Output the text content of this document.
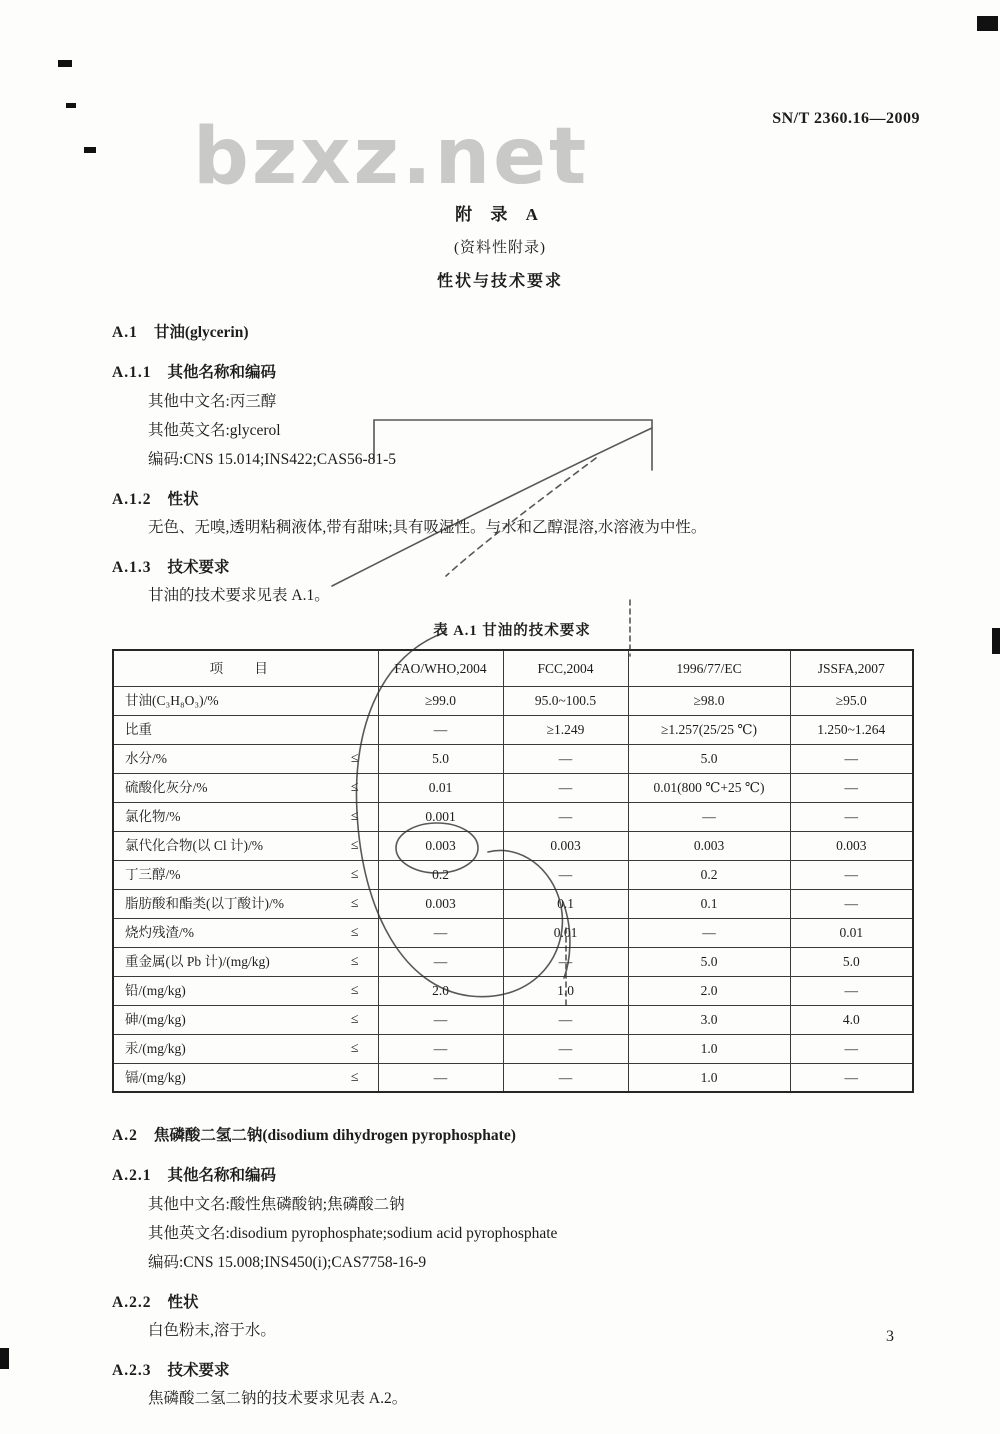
bzxz.net	SN/T 2360.16—2009
附 录 A
(资料性附录)
性状与技术要求
A.1 甘油(glycerin)
A.1.1 其他名称和编码
其他中文名:丙三醇
其他英文名:glycerol
编码:CNS 15.014;INS422;CAS56-81-5
A.1.2 性状
无色、无嗅,透明粘稠液体,带有甜味;具有吸湿性。与水和乙醇混溶,水溶液为中性。
A.1.3 技术要求
甘油的技术要求见表 A.1。
表 A.1 甘油的技术要求
项 目	FAO/WHO,2004	FCC,2004	1996/77/EC	JSSFA,2007

甘油(C₃H₈O₃)/%	≥99.0	95.0~100.5	≥98.0	≥95.0

比重	—	≥1.249	≥1.257(25/25 ℃)	1.250~1.264

水分/% ≤	5.0	—	5.0	—

硫酸化灰分/% ≤	0.01	—	0.01(800 ℃+25 ℃)	—

氯化物/% ≤	0.001	—	—	—

氯代化合物(以 Cl 计)/% ≤	0.003	0.003	0.003	0.003

丁三醇/% ≤	0.2	—	0.2	—

脂肪酸和酯类(以丁酸计)/% ≤	0.003	0.1	0.1	—

烧灼残渣/% ≤	—	0.01	—	0.01

重金属(以 Pb 计)/(mg/kg) ≤	—	—	5.0	5.0

铅/(mg/kg) ≤	2.0	1.0	2.0	—

砷/(mg/kg) ≤	—	—	3.0	4.0

汞/(mg/kg) ≤	—	—	1.0	—

镉/(mg/kg) ≤	—	—	1.0	—
A.2 焦磷酸二氢二钠(disodium dihydrogen pyrophosphate)
A.2.1 其他名称和编码
其他中文名:酸性焦磷酸钠;焦磷酸二钠
其他英文名:disodium pyrophosphate;sodium acid pyrophosphate
编码:CNS 15.008;INS450(i);CAS7758-16-9
A.2.2 性状
白色粉末,溶于水。
A.2.3 技术要求
焦磷酸二氢二钠的技术要求见表 A.2。
3
